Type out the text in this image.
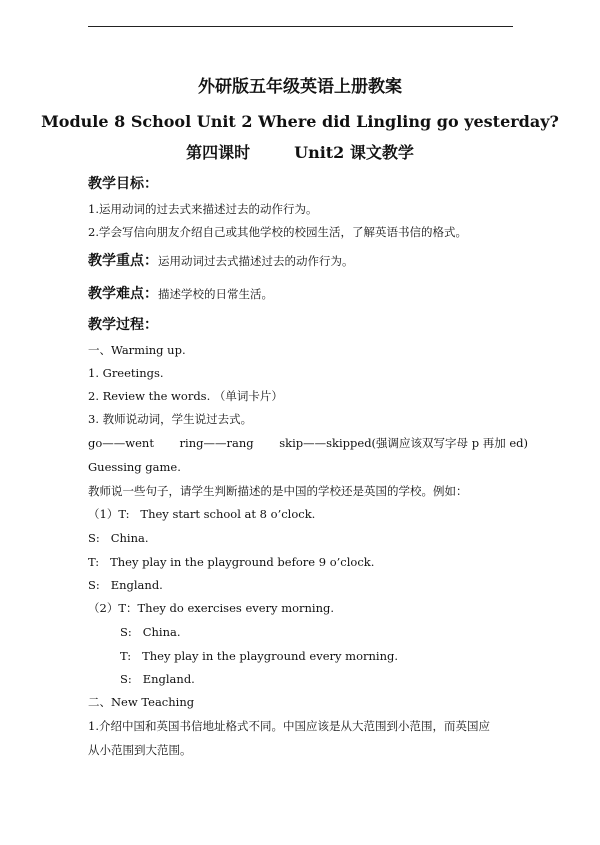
外研版五年级英语上册教案
Module 8 School Unit 2 Where did Lingling go yesterday?
第四课时	Unit2 课文教学
教学目标：
1.运用动词的过去式来描述过去的动作行为。
2.学会写信向朋友介绍自己或其他学校的校园生活，了解英语书信的格式。
教学重点：运用动词过去式描述过去的动作行为。
教学难点：描述学校的日常生活。
教学过程：
一、Warming up.
1. Greetings.
2. Review the words. （单词卡片）
3. 教师说动词，学生说过去式。
go——went       ring——rang       skip——skipped(强调应该双写字母 p 再加 ed)
Guessing game.
教师说一些句子，请学生判断描述的是中国的学校还是英国的学校。例如：
（1）T:   They start school at 8 o’clock.
S:   China.
T:   They play in the playground before 9 o’clock.
S:   England.
（2）T：They do exercises every morning.
S:   China.
T:   They play in the playground every morning.
S:   England.
二、New Teaching
1.介绍中国和英国书信地址格式不同。中国应该是从大范围到小范围，而英国应
从小范围到大范围。
